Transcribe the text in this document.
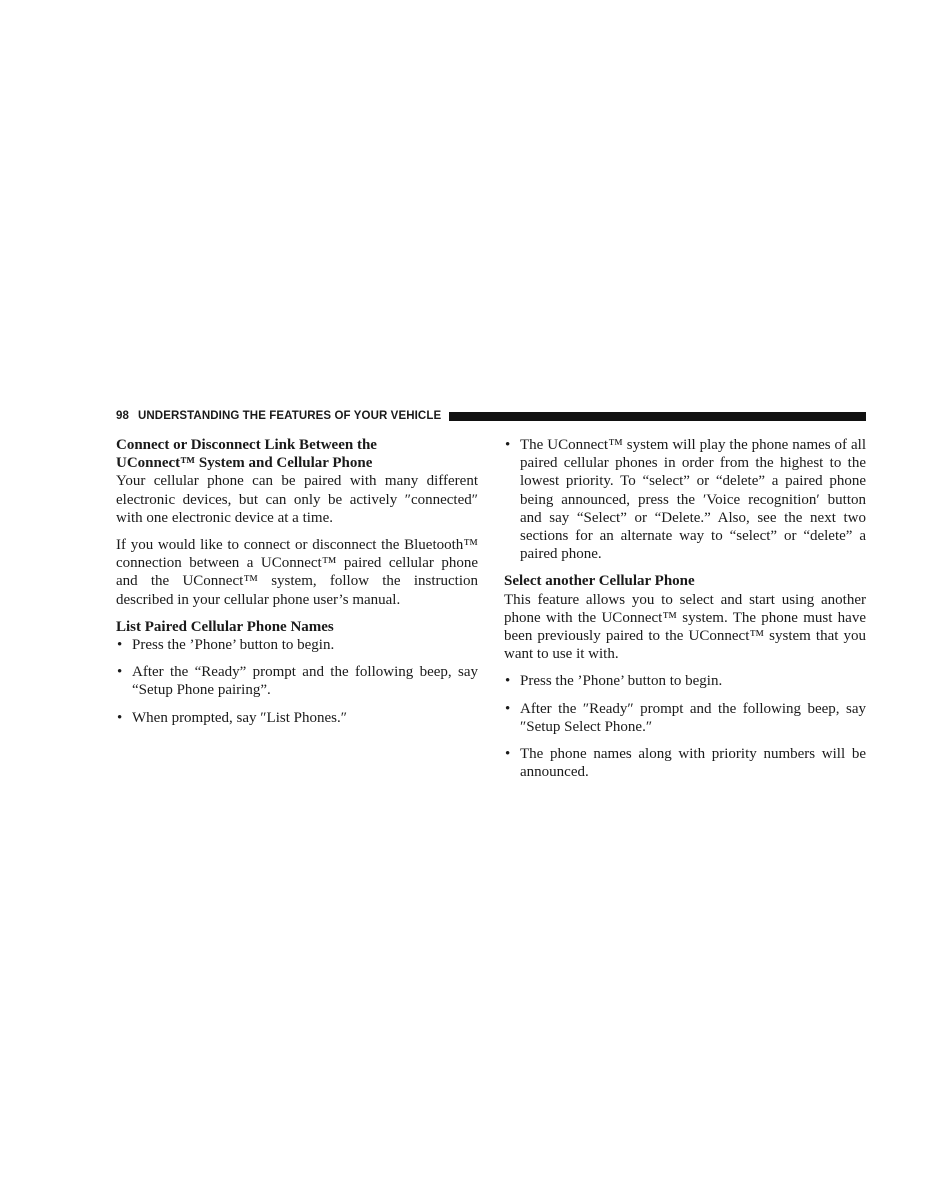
98 UNDERSTANDING THE FEATURES OF YOUR VEHICLE

Connect or Disconnect Link Between the
UConnect™ System and Cellular Phone

Your cellular phone can be paired with many different electronic devices, but can only be actively ″connected″ with one electronic device at a time.

If you would like to connect or disconnect the Bluetooth™ connection between a UConnect™ paired cellular phone and the UConnect™ system, follow the instruction described in your cellular phone user’s manual.

List Paired Cellular Phone Names

• Press the ’Phone’ button to begin.
• After the “Ready” prompt and the following beep, say “Setup Phone pairing”.
• When prompted, say ″List Phones.″
• The UConnect™ system will play the phone names of all paired cellular phones in order from the highest to the lowest priority. To “select” or “delete” a paired phone being announced, press the ′Voice recognition′ button and say “Select” or “Delete.” Also, see the next two sections for an alternate way to “select” or “delete” a paired phone.

Select another Cellular Phone

This feature allows you to select and start using another phone with the UConnect™ system. The phone must have been previously paired to the UConnect™ system that you want to use it with.

• Press the ’Phone’ button to begin.
• After the ″Ready″ prompt and the following beep, say ″Setup Select Phone.″
• The phone names along with priority numbers will be announced.
